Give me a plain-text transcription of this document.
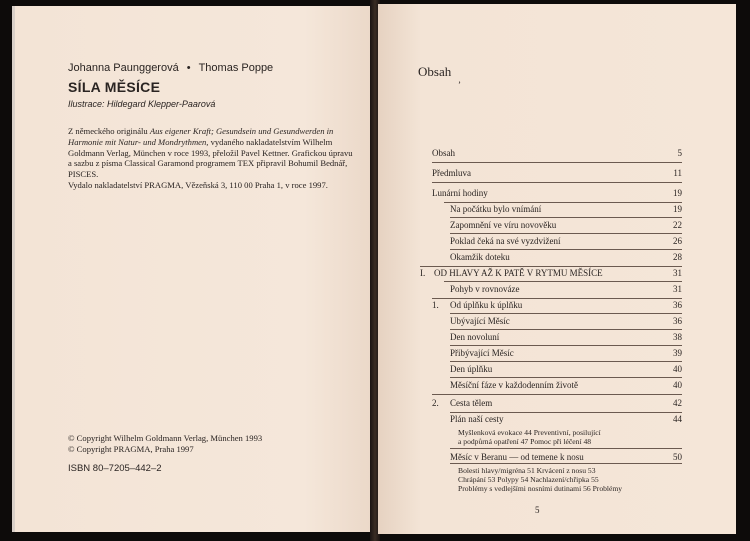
Johanna Paunggerová • Thomas Poppe
SÍLA MĚSÍCE
Ilustrace: Hildegard Klepper-Paarová

Z německého originálu Aus eigener Kraft; Gesundsein und Gesundwerden in Harmonie mit Natur- und Mondrythmen, vydaného nakladatelstvím Wilhelm Goldmann Verlag, München v roce 1993, přeložil Pavel Kettner. Grafickou úpravu a sazbu z písma Classical Garamond programem TEX připravil Bohumil Bednář, PISCES.

Vydalo nakladatelství PRAGMA, Vězeňská 3, 110 00 Praha 1, v roce 1997.

© Copyright Wilhelm Goldmann Verlag, München 1993
© Copyright PRAGMA, Praha 1997
ISBN 80–7205–442–2
Obsah
’
Obsah	5
Předmluva	11
Lunární hodiny	19
Na počátku bylo vnímání	19
Zapomnění ve víru novověku	22
Poklad čeká na své vyzdvižení	26
Okamžik doteku	28
I. OD HLAVY AŽ K PATĚ V RYTMU MĚSÍCE	31
Pohyb v rovnováze	31
1. Od úplňku k úplňku	36
Ubývající Měsíc	36
Den novoluní	38
Přibývající Měsíc	39
Den úplňku	40
Měsíční fáze v každodenním životě	40
2. Cesta tělem	42
Plán naší cesty	44
Myšlenková evokace 44 Preventivní, posilující
a podpůrná opatření 47 Pomoc při léčení 48
Měsíc v Beranu — od temene k nosu	50
Bolesti hlavy/migréna 51 Krvácení z nosu 53
Chrápání 53 Polypy 54 Nachlazení/chřipka 55
Problémy s vedlejšími nosními dutinami 56 Problémy
5
